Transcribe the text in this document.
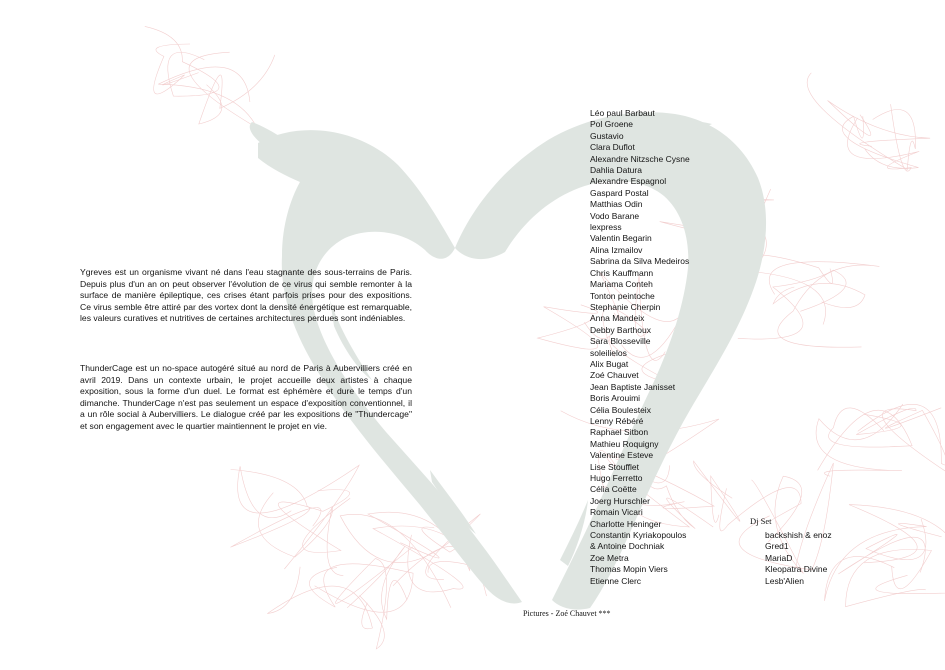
Ygreves est un organisme vivant né dans l'eau stagnante des sous-terrains de Paris. Depuis plus d'un an on peut observer l'évolution de ce virus qui semble remonter à la surface de manière épileptique, ces crises étant parfois prises pour des expositions. Ce virus semble être attiré par des vortex dont la densité énergétique est remarquable, les valeurs curatives et nutritives de certaines architectures perdues sont indéniables.

ThunderCage est un no-space autogéré situé au nord de Paris à Aubervilliers créé en avril 2019. Dans un contexte urbain, le projet accueille deux artistes à chaque exposition, sous la forme d'un duel. Le format est éphémère et dure le temps d'un dimanche. ThunderCage n'est pas seulement un espace d'exposition conventionnel, il a un rôle social à Aubervilliers. Le dialogue créé par les expositions de "Thundercage" et son engagement avec le quartier maintiennent le projet en vie.

Léo paul Barbaut
Pol Groene
Gustavio
Clara Duflot
Alexandre Nitzsche Cysne
Dahlia Datura
Alexandre Espagnol
Gaspard Postal
Matthias Odin
Vodo Barane
lexpress
Valentin Begarin
Alina Izmailov
Sabrina da Silva Medeiros
Chris Kauffmann
Mariama Conteh
Tonton peintoche
Stephanie Cherpin
Anna Mandeix
Debby Barthoux
Sara Blosseville
soleilielos
Alix Bugat
Zoé Chauvet
Jean Baptiste Janisset
Boris Arouimi
Célia Boulesteix
Lenny Rébéré
Raphael Sitbon
Mathieu Roquigny
Valentine Esteve
Lise Stoufflet
Hugo Ferretto
Célia Coëtte
Joerg Hurschler
Romain Vicari
Charlotte Heninger
Constantin Kyriakopoulos
& Antoine Dochniak
Zoe Metra
Thomas Mopin Viers
Etienne Clerc
Dj Set
backshish & enoz
Gred1
MariaD
Kleopatra Divine
Lesb'Alien
Pictures - Zoé Chauvet ***
